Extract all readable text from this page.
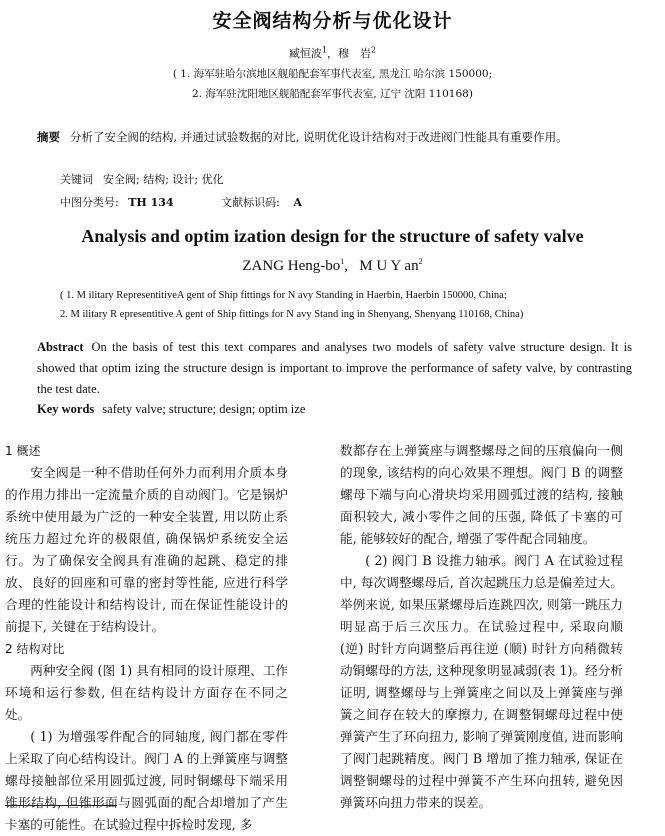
安全阀结构分析与优化设计
臧恒波$^1$，穆　岩$^2$
( 1. 海军驻哈尔滨地区舰船配套军事代表室, 黑龙江 哈尔滨 150000;
2. 海军驻沈阳地区舰船配套军事代表室, 辽宁 沈阳 110168)
摘要 分析了安全阀的结构, 并通过试验数据的对比, 说明优化设计结构对于改进阀门性能具有重要作用。
关键词 安全阀; 结构; 设计; 优化
中图分类号: TH 134	文献标识码: A
Analysis and optim ization design for the structure of safety valve
ZANG Heng-$bo^1$,   M U Y $an^2$
( 1. M ilitary RepresentitiveA gent of Ship fittings for N avy Standing in Haerbin, Haerbin 150000, China;
2. M ilitary R epresentitive A gent of Ship fittings for N avy Stand ing in Shenyang, Shenyang 110168, China)
Abstract On the basis of test this text compares and analyses two models of safety valve structure design. It is showed that optim izing the structure design is important to improve the performance of safety valve, by contrasting the test date.
Key words safety valve; structure; design; optim ize
1 概述

安全阀是一种不借助任何外力而利用介质本身的作用力排出一定流量介质的自动阀门。它是锅炉系统中使用最为广泛的一种安全装置, 用以防止系统压力超过允许的极限值, 确保锅炉系统安全运行。为了确保安全阀具有准确的起跳、稳定的排放、良好的回座和可靠的密封等性能, 应进行科学合理的性能设计和结构设计, 而在保证性能设计的前提下, 关键在于结构设计。

2 结构对比

两种安全阀 (图 1) 具有相同的设计原理、工作环境和运行参数, 但在结构设计方面存在不同之处。

( 1) 为增强零件配合的同轴度, 阀门都在零件上采取了向心结构设计。阀门 A 的上弹簧座与调整螺母接触部位采用圆弧过渡, 同时铜螺母下端采用锥形结构, 但锥形面与圆弧面的配合却增加了产生卡塞的可能性。在试验过程中拆检时发现, 多

数都存在上弹簧座与调整螺母之间的压痕偏向一侧的现象, 该结构的向心效果不理想。阀门 B 的调整螺母下端与向心滑块均采用圆弧过渡的结构, 接触面积较大, 减小零件之间的压强, 降低了卡塞的可能, 能够较好的配合, 增强了零件配合同轴度。

( 2) 阀门 B 设推力轴承。阀门 A 在试验过程中, 每次调整螺母后, 首次起跳压力总是偏差过大。举例来说, 如果压紧螺母后连跳四次, 则第一跳压力明显高于后三次压力。在试验过程中, 采取向顺 (逆) 时针方向调整后再往逆 (顺) 时针方向稍微转动铜螺母的方法, 这种现象明显减弱(表 1)。经分析证明, 调整螺母与上弹簧座之间以及上弹簧座与弹簧之间存在较大的摩擦力, 在调整铜螺母过程中使弹簧产生了环向扭力, 影响了弹簧刚度值, 进而影响了阀门起跳精度。阀门 B 增加了推力轴承, 保证在调整铜螺母的过程中弹簧不产生环向扭转, 避免因弹簧环向扭力带来的误差。
